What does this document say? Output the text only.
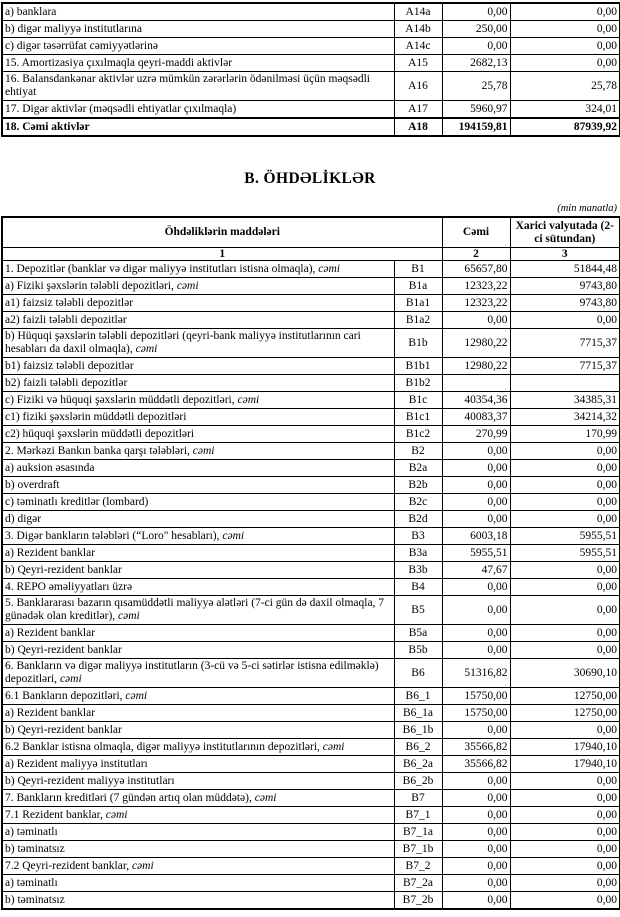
a) banklara	A14a	0,00	0,00
b) digər maliyyə institutlarına	A14b	250,00	0,00
c) digər təsərrüfat cəmiyyətlərinə	A14c	0,00	0,00
15. Amortizasiya çıxılmaqla qeyri-maddi aktivlər	A15	2682,13	0,00
16. Balansdankənar aktivlər uzrə mümkün zərərlərin ödənilməsi üçün məqsədli ehtiyat	A16	25,78	25,78
17. Digər aktivlər (məqsədli ehtiyatlar çıxılmaqla)	A17	5960,97	324,01
18. Cəmi aktivlər	A18	194159,81	87939,92
B. ÖHDƏLİKLƏR
(min manatla)
Öhdəliklərin maddələri		Cəmi	Xarici valyutada (2-ci sütundan)
1		2	3
1. Depozitlər (banklar və digər maliyyə institutları istisna olmaqla), cəmi	B1	65657,80	51844,48
a) Fiziki şəxslərin tələbli depozitləri, cəmi	B1a	12323,22	9743,80
a1) faizsiz tələbli depozitlər	B1a1	12323,22	9743,80
a2) faizli tələbli depozitlər	B1a2	0,00	0,00
b) Hüquqi şəxslərin tələbli depozitləri (qeyri-bank maliyyə institutlarının cari hesabları da daxil olmaqla), cəmi	B1b	12980,22	7715,37
b1) faizsiz tələbli depozitlər	B1b1	12980,22	7715,37
b2) faizli tələbli depozitlər	B1b2		
c) Fiziki və hüquqi şəxslərin müddətli depozitləri, cəmi	B1c	40354,36	34385,31
c1) fiziki şəxslərin müddətli depozitləri	B1c1	40083,37	34214,32
c2) hüquqi şəxslərin müddətli depozitləri	B1c2	270,99	170,99
2. Mərkəzi Bankın banka qarşı tələbləri, cəmi	B2	0,00	0,00
a) auksion əsasında	B2a	0,00	0,00
b) overdraft	B2b	0,00	0,00
c) təminatlı kreditlər (lombard)	B2c	0,00	0,00
d) digər	B2d	0,00	0,00
3. Digər bankların tələbləri (“Loro" hesabları), cəmi	B3	6003,18	5955,51
a) Rezident banklar	B3a	5955,51	5955,51
b) Qeyri-rezident banklar	B3b	47,67	0,00
4. REPO əməliyyatları üzrə	B4	0,00	0,00
5. Banklararası bazarın qısamüddətli maliyyə alətləri (7-ci gün də daxil olmaqla, 7 günədək olan kreditlər), cəmi	B5	0,00	0,00
a) Rezident banklar	B5a	0,00	0,00
b) Qeyri-rezident banklar	B5b	0,00	0,00
6. Bankların və digər maliyyə institutların (3-cü və 5-ci sətirlər istisna edilməklə) depozitləri, cəmi	B6	51316,82	30690,10
6.1 Bankların depozitləri, cəmi	B6_1	15750,00	12750,00
a) Rezident banklar	B6_1a	15750,00	12750,00
b) Qeyri-rezident banklar	B6_1b	0,00	0,00
6.2 Banklar istisna olmaqla, digər maliyyə institutlarının depozitləri, cəmi	B6_2	35566,82	17940,10
a) Rezident maliyyə institutları	B6_2a	35566,82	17940,10
b) Qeyri-rezident maliyyə institutları	B6_2b	0,00	0,00
7. Bankların kreditləri (7 gündən artıq olan müddətə), cəmi	B7	0,00	0,00
7.1 Rezident banklar, cəmi	B7_1	0,00	0,00
a) təminatlı	B7_1a	0,00	0,00
b) təminatsız	B7_1b	0,00	0,00
7.2 Qeyri-rezident banklar, cəmi	B7_2	0,00	0,00
a) təminatlı	B7_2a	0,00	0,00
b) təminatsız	B7_2b	0,00	0,00
